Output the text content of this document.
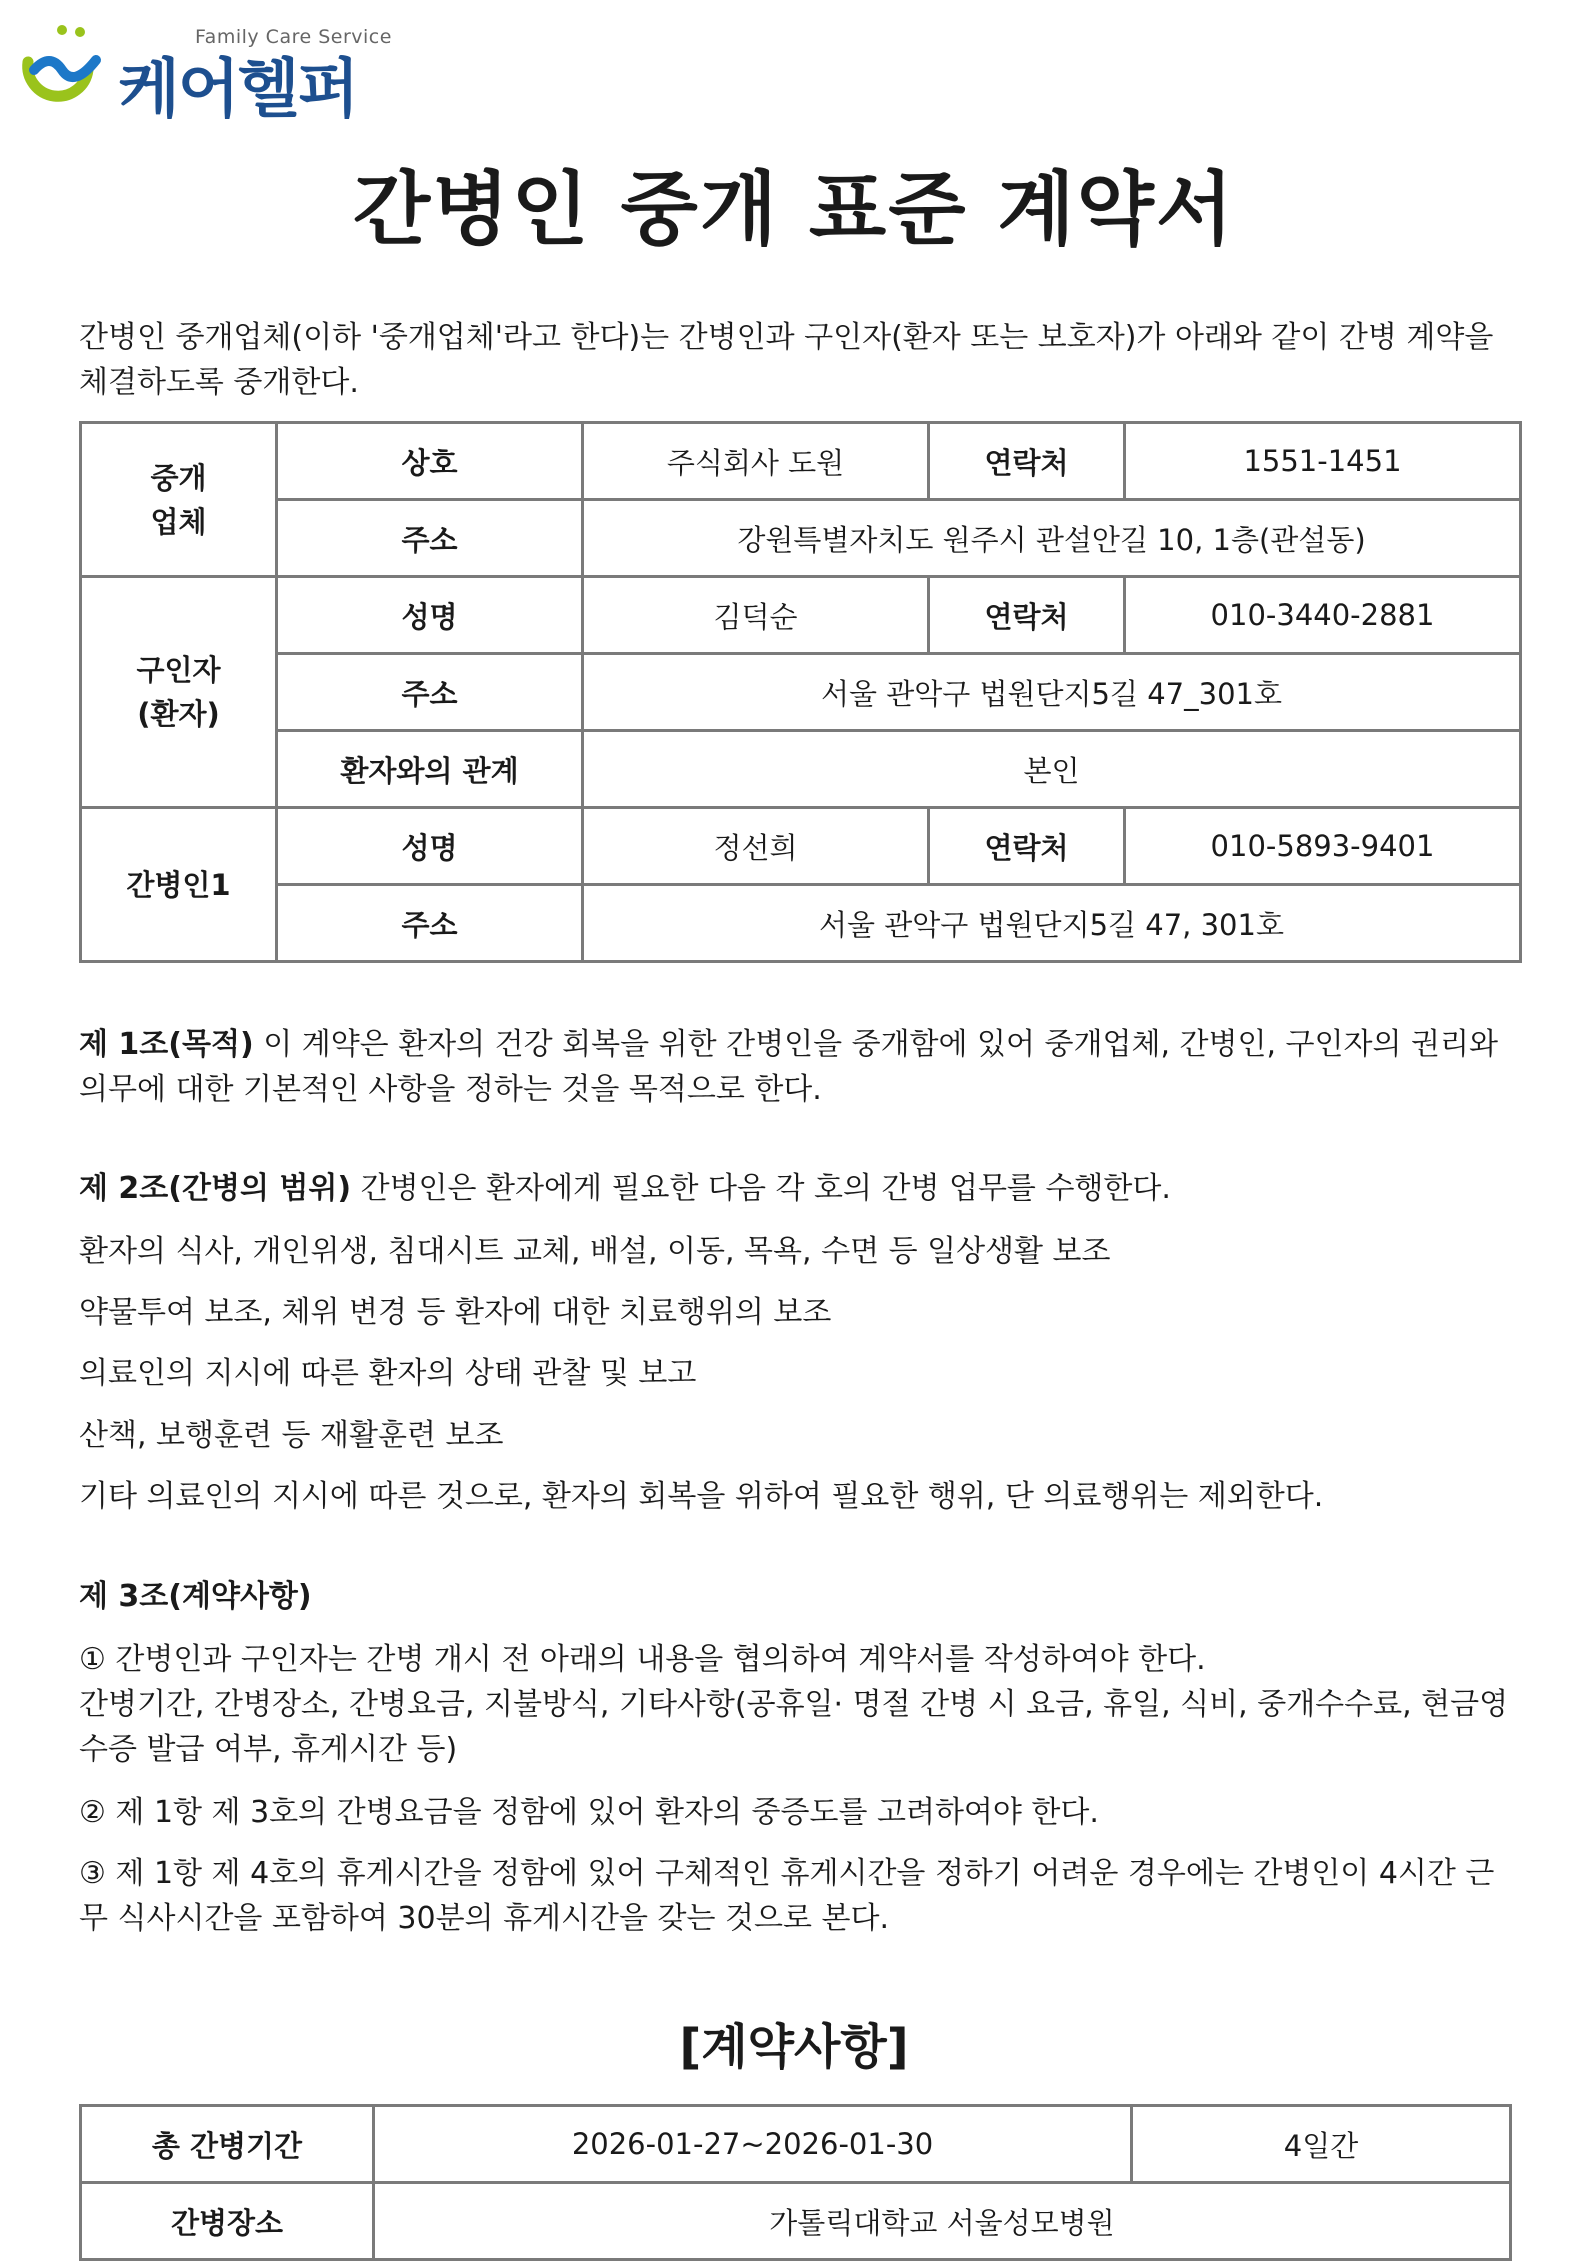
Family Care Service
케어헬퍼
간병인 중개 표준 계약서

간병인 중개업체(이하 '중개업체'라고 한다)는 간병인과 구인자(환자 또는 보호자)가 아래와 같이 간병 계약을 체결하도록 중개한다.

중개 업체	상호	주식회사 도원	연락처	1551-1451
	주소	강원특별자치도 원주시 관설안길 10, 1층(관설동)		

구인자 (환자)	성명	김덕순	연락처	010-3440-2881
	주소	서울 관악구 법원단지5길 47_301호		
	환자와의 관계	본인		
간병인1	성명	정선희	연락처	010-5893-9401
	주소	서울 관악구 법원단지5길 47, 301호		

제 1조(목적) 이 계약은 환자의 건강 회복을 위한 간병인을 중개함에 있어 중개업체, 간병인, 구인자의 권리와 의무에 대한 기본적인 사항을 정하는 것을 목적으로 한다.

제 2조(간병의 범위) 간병인은 환자에게 필요한 다음 각 호의 간병 업무를 수행한다.

환자의 식사, 개인위생, 침대시트 교체, 배설, 이동, 목욕, 수면 등 일상생활 보조

약물투여 보조, 체위 변경 등 환자에 대한 치료행위의 보조

의료인의 지시에 따른 환자의 상태 관찰 및 보고

산책, 보행훈련 등 재활훈련 보조

기타 의료인의 지시에 따른 것으로, 환자의 회복을 위하여 필요한 행위, 단 의료행위는 제외한다.

제 3조(계약사항)

① 간병인과 구인자는 간병 개시 전 아래의 내용을 협의하여 계약서를 작성하여야 한다.

간병기간, 간병장소, 간병요금, 지불방식, 기타사항(공휴일· 명절 간병 시 요금, 휴일, 식비, 중개수수료, 현금영수증 발급 여부, 휴게시간 등)

② 제 1항 제 3호의 간병요금을 정함에 있어 환자의 중증도를 고려하여야 한다.

③ 제 1항 제 4호의 휴게시간을 정함에 있어 구체적인 휴게시간을 정하기 어려운 경우에는 간병인이 4시간 근무 식사시간을 포함하여 30분의 휴게시간을 갖는 것으로 본다.

[계약사항]

총 간병기간	2026-01-27~2026-01-30	4일간
간병장소	가톨릭대학교 서울성모병원	
